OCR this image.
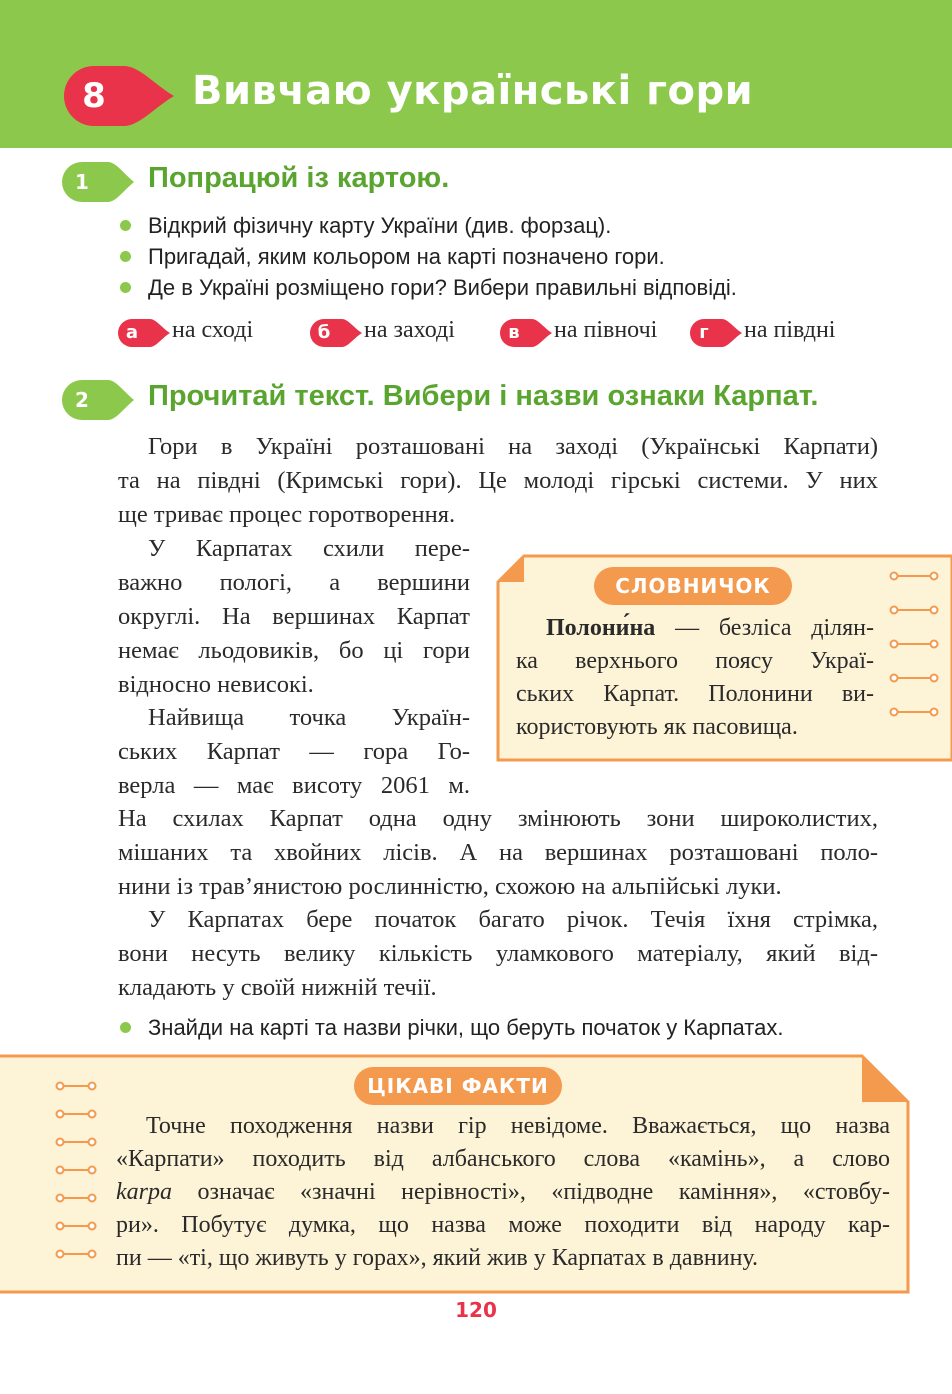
8	Вивчаю українські гори
1	Попрацюй із картою.
Відкрий фізичну карту України (див. форзац).
Пригадай, яким кольором на карті позначено гори.
Де в Україні розміщено гори? Вибери правильні відповіді.
а	на сході	б	на заході	в	на півночі	г	на півдні
2	Прочитай текст. Вибери і назви ознаки Карпат.
Гори в Україні розташовані на заході (Українські Карпати)
та на півдні (Кримські гори). Це молоді гірські системи. У них
ще триває процес горотворення.
У Карпатах схили пере-
важно пологі, а вершини
округлі. На вершинах Карпат
немає льодовиків, бо ці гори
відносно невисокі.
Найвища точка Україн-
ських Карпат — гора Го-
верла — має висоту 2061 м.
На схилах Карпат одна одну змінюють зони широколистих,
мішаних та хвойних лісів. А на вершинах розташовані поло-
нини із трав’янистою рослинністю, схожою на альпійські луки.
У Карпатах бере початок багато річок. Течія їхня стрімка,
вони несуть велику кількість уламкового матеріалу, який від-
кладають у своїй нижній течії.
Знайди на карті та назви річки, що беруть початок у Карпатах.
СЛОВНИЧОК
Полони́на — безліса ділян-
ка верхнього поясу Украї-
ських Карпат. Полонини ви-
користовують як пасовища.
ЦІКАВІ ФАКТИ
Точне походження назви гір невідоме. Вважається, що назва
«Карпати» походить від албанського слова «камінь», а слово
karpa означає «значні нерівності», «підводне каміння», «стовбу-
ри». Побутує думка, що назва може походити від народу кар-
пи — «ті, що живуть у горах», який жив у Карпатах в давнину.
120
